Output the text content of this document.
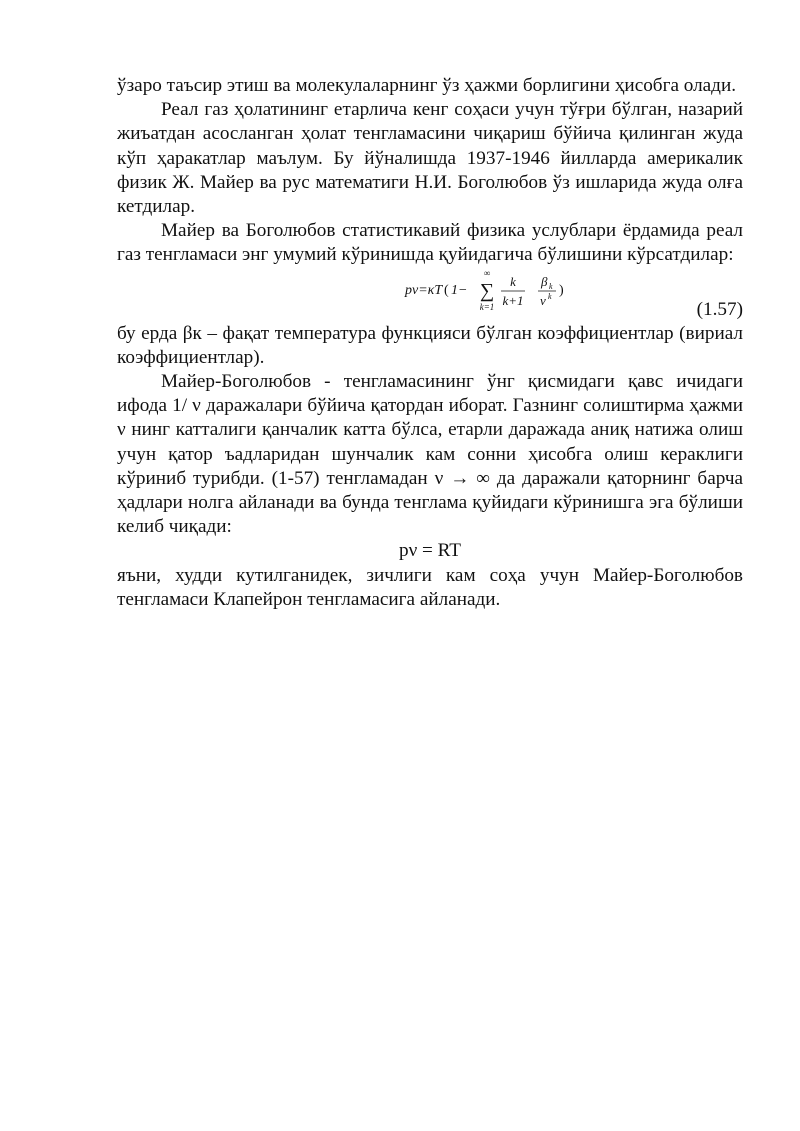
ўзаро таъсир этиш ва молекулаларнинг ўз ҳажми борлигини ҳисобга олади.

Реал газ ҳолатининг етарлича кенг соҳаси учун тўғри бўлган, назарий жиъатдан асосланган ҳолат тенгламасини чиқариш бўйича қилинган жуда кўп ҳаракатлар маълум. Бу йўналишда 1937-1946 йилларда америкалик физик Ж. Майер ва рус математиги Н.И. Боголюбов ўз ишларида жуда олға кетдилар.

Майер ва Боголюбов статистикавий физика услублари ёрдамида реал газ тенгламаси энг умумий кўринишда қуйидагича бўлишини кўрсатдилар:

pν=κT ( 1−
∞
∑
k=1
k
k+1
β k
ν k )
(1.57)

бу ерда βк – фақат температура функцияси бўлган коэффициентлар (вириал коэффициентлар).

Майер-Боголюбов - тенгламасининг ўнг қисмидаги қавс ичидаги ифода 1/ ν даражалари бўйича қатордан иборат. Газнинг солиштирма ҳажми ν нинг катталиги қанчалик катта бўлса, етарли даражада аниқ натижа олиш учун қатор ъадларидан шунчалик кам сонни ҳисобга олиш кераклиги кўриниб турибди. (1-57) тенгламадан ν → ∞ да даражали қаторнинг барча ҳадлари нолга айланади ва бунда тенглама қуйидаги кўринишга эга бўлиши келиб чиқади:

pν = RT

яъни, худди кутилганидек, зичлиги кам соҳа учун Майер-Боголюбов тенгламаси Клапейрон тенгламасига айланади.
